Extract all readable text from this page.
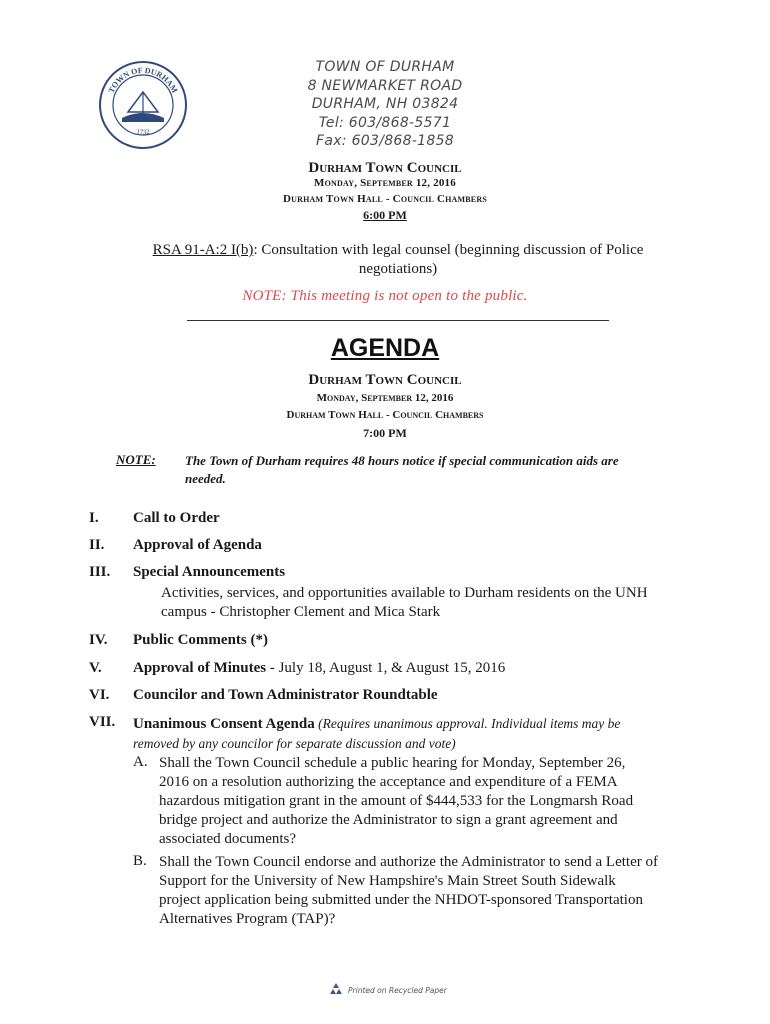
TOWN OF DURHAM
1732
TOWN OF DURHAM
8 NEWMARKET ROAD
DURHAM, NH 03824
Tel: 603/868-5571
Fax: 603/868-1858
Durham Town Council
Monday, September 12, 2016
Durham Town Hall - Council Chambers
6:00 PM
RSA 91-A:2 I(b): Consultation with legal counsel (beginning discussion of Police negotiations)
NOTE: This meeting is not open to the public.
AGENDA
Durham Town Council
Monday, September 12, 2016
Durham Town Hall - Council Chambers
7:00 PM
NOTE: The Town of Durham requires 48 hours notice if special communication aids are needed.
I. Call to Order
II. Approval of Agenda
III. Special Announcements
Activities, services, and opportunities available to Durham residents on the UNH campus - Christopher Clement and Mica Stark
IV. Public Comments (*)
V. Approval of Minutes - July 18, August 1, & August 15, 2016
VI. Councilor and Town Administrator Roundtable
VII. Unanimous Consent Agenda (Requires unanimous approval. Individual items may be removed by any councilor for separate discussion and vote)
A. Shall the Town Council schedule a public hearing for Monday, September 26, 2016 on a resolution authorizing the acceptance and expenditure of a FEMA hazardous mitigation grant in the amount of $444,533 for the Longmarsh Road bridge project and authorize the Administrator to sign a grant agreement and associated documents?
B. Shall the Town Council endorse and authorize the Administrator to send a Letter of Support for the University of New Hampshire's Main Street South Sidewalk project application being submitted under the NHDOT-sponsored Transportation Alternatives Program (TAP)?
Printed on Recycled Paper
